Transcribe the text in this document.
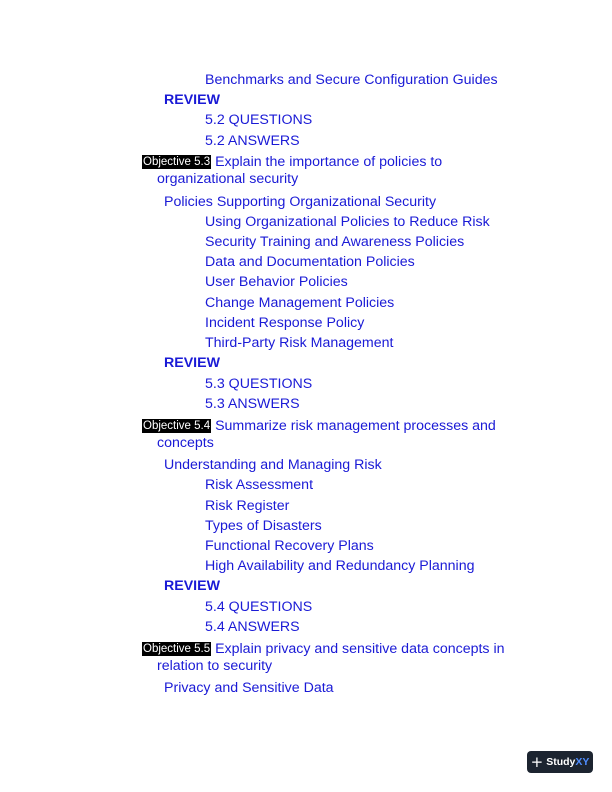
Benchmarks and Secure Configuration Guides
REVIEW
5.2 QUESTIONS
5.2 ANSWERS
Objective 5.3 Explain the importance of policies to
organizational security
Policies Supporting Organizational Security
Using Organizational Policies to Reduce Risk
Security Training and Awareness Policies
Data and Documentation Policies
User Behavior Policies
Change Management Policies
Incident Response Policy
Third-Party Risk Management
REVIEW
5.3 QUESTIONS
5.3 ANSWERS
Objective 5.4 Summarize risk management processes and
concepts
Understanding and Managing Risk
Risk Assessment
Risk Register
Types of Disasters
Functional Recovery Plans
High Availability and Redundancy Planning
REVIEW
5.4 QUESTIONS
5.4 ANSWERS
Objective 5.5 Explain privacy and sensitive data concepts in
relation to security
Privacy and Sensitive Data
+ StudyXY
